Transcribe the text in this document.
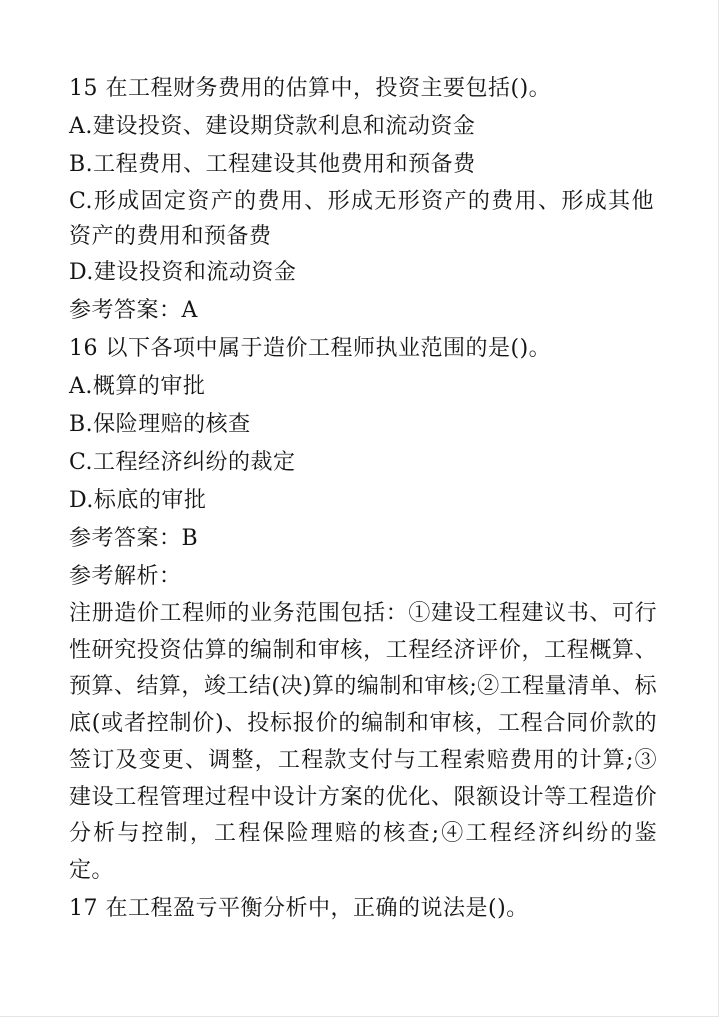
15 在工程财务费用的估算中，投资主要包括()。
A.建设投资、建设期贷款利息和流动资金
B.工程费用、工程建设其他费用和预备费
C.形成固定资产的费用、形成无形资产的费用、形成其他资产的费用和预备费
D.建设投资和流动资金
参考答案：A
16 以下各项中属于造价工程师执业范围的是()。
A.概算的审批
B.保险理赔的核查
C.工程经济纠纷的裁定
D.标底的审批
参考答案：B
参考解析：
注册造价工程师的业务范围包括：①建设工程建议书、可行性研究投资估算的编制和审核，工程经济评价，工程概算、预算、结算，竣工结(决)算的编制和审核;②工程量清单、标底(或者控制价)、投标报价的编制和审核，工程合同价款的签订及变更、调整，工程款支付与工程索赔费用的计算;③建设工程管理过程中设计方案的优化、限额设计等工程造价分析与控制，工程保险理赔的核查;④工程经济纠纷的鉴定。
17 在工程盈亏平衡分析中，正确的说法是()。
